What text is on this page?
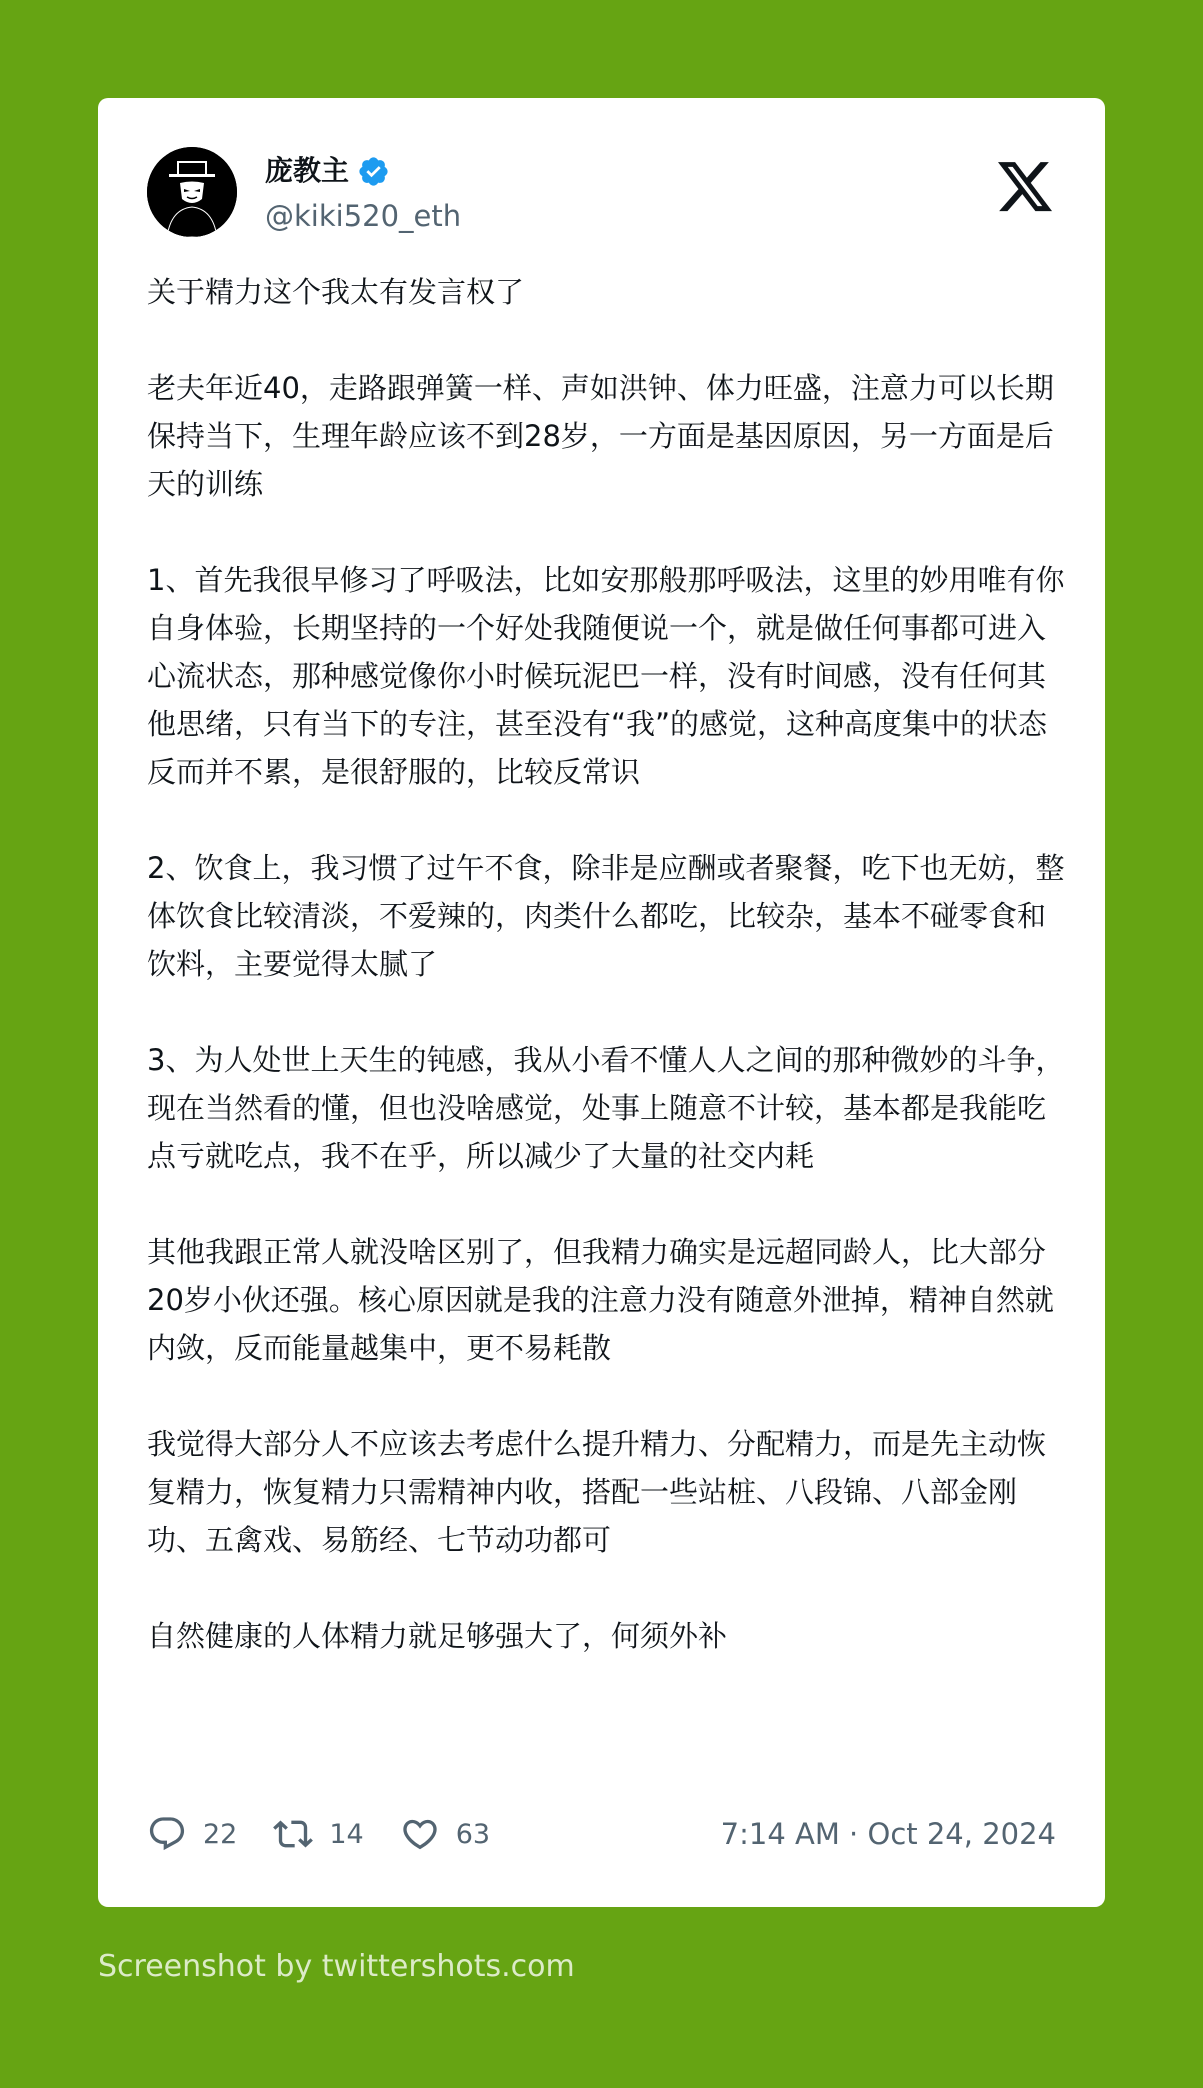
庞教主
@kiki520_eth

关于精力这个我太有发言权了

老夫年近40，走路跟弹簧一样、声如洪钟、体力旺盛，注意力可以长期保持当下，生理年龄应该不到28岁，一方面是基因原因，另一方面是后天的训练

1、首先我很早修习了呼吸法，比如安那般那呼吸法，这里的妙用唯有你自身体验，长期坚持的一个好处我随便说一个，就是做任何事都可进入心流状态，那种感觉像你小时候玩泥巴一样，没有时间感，没有任何其他思绪，只有当下的专注，甚至没有“我”的感觉，这种高度集中的状态反而并不累，是很舒服的，比较反常识

2、饮食上，我习惯了过午不食，除非是应酬或者聚餐，吃下也无妨，整体饮食比较清淡，不爱辣的，肉类什么都吃，比较杂，基本不碰零食和饮料，主要觉得太腻了

3、为人处世上天生的钝感，我从小看不懂人人之间的那种微妙的斗争，现在当然看的懂，但也没啥感觉，处事上随意不计较，基本都是我能吃点亏就吃点，我不在乎，所以减少了大量的社交内耗

其他我跟正常人就没啥区别了，但我精力确实是远超同龄人，比大部分20岁小伙还强。核心原因就是我的注意力没有随意外泄掉，精神自然就内敛，反而能量越集中，更不易耗散

我觉得大部分人不应该去考虑什么提升精力、分配精力，而是先主动恢复精力，恢复精力只需精神内收，搭配一些站桩、八段锦、八部金刚功、五禽戏、易筋经、七节动功都可

自然健康的人体精力就足够强大了，何须外补

22	14	63	7:14 AM · Oct 24, 2024
Screenshot by twittershots.com
